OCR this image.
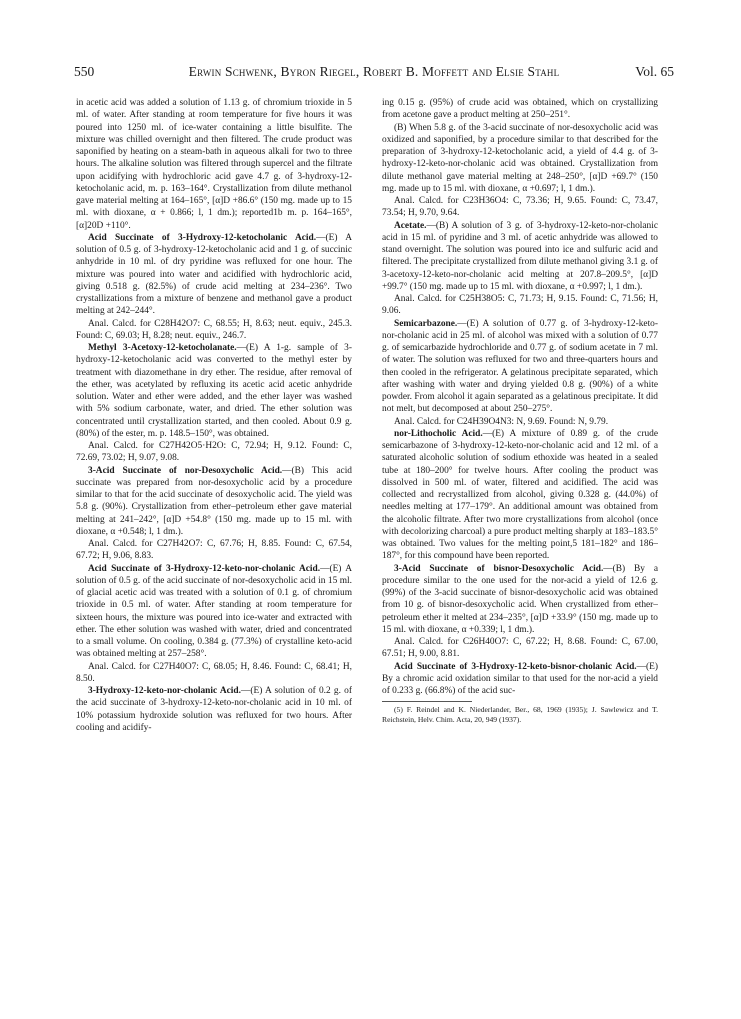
550	Erwin Schwenk, Byron Riegel, Robert B. Moffett and Elsie Stahl	Vol. 65

in acetic acid was added a solution of 1.13 g. of chromium trioxide in 5 ml. of water. After standing at room temperature for five hours it was poured into 1250 ml. of ice-water containing a little bisulfite. The mixture was chilled overnight and then filtered. The crude product was saponified by heating on a steam-bath in aqueous alkali for two to three hours. The alkaline solution was filtered through supercel and the filtrate upon acidifying with hydrochloric acid gave 4.7 g. of 3-hydroxy-12-ketocholanic acid, m. p. 163–164°. Crystallization from dilute methanol gave material melting at 164–165°, [α]D +86.6° (150 mg. made up to 15 ml. with dioxane, α + 0.866; l, 1 dm.); reported1b m. p. 164–165°, [α]20D +110°.

Acid Succinate of 3-Hydroxy-12-ketocholanic Acid.—(E) A solution of 0.5 g. of 3-hydroxy-12-ketocholanic acid and 1 g. of succinic anhydride in 10 ml. of dry pyridine was refluxed for one hour. The mixture was poured into water and acidified with hydrochloric acid, giving 0.518 g. (82.5%) of crude acid melting at 234–236°. Two crystallizations from a mixture of benzene and methanol gave a product melting at 242–244°.

Anal. Calcd. for C28H42O7: C, 68.55; H, 8.63; neut. equiv., 245.3. Found: C, 69.03; H, 8.28; neut. equiv., 246.7.

Methyl 3-Acetoxy-12-ketocholanate.—(E) A 1-g. sample of 3-hydroxy-12-ketocholanic acid was converted to the methyl ester by treatment with diazomethane in dry ether. The residue, after removal of the ether, was acetylated by refluxing its acetic acid acetic anhydride solution. Water and ether were added, and the ether layer was washed with 5% sodium carbonate, water, and dried. The ether solution was concentrated until crystallization started, and then cooled. About 0.9 g. (80%) of the ester, m. p. 148.5–150°, was obtained.

Anal. Calcd. for C27H42O5·H2O: C, 72.94; H, 9.12. Found: C, 72.69, 73.02; H, 9.07, 9.08.

3-Acid Succinate of nor-Desoxycholic Acid.—(B) This acid succinate was prepared from nor-desoxycholic acid by a procedure similar to that for the acid succinate of desoxycholic acid. The yield was 5.8 g. (90%). Crystallization from ether–petroleum ether gave material melting at 241–242°, [α]D +54.8° (150 mg. made up to 15 ml. with dioxane, α +0.548; l, 1 dm.).

Anal. Calcd. for C27H42O7: C, 67.76; H, 8.85. Found: C, 67.54, 67.72; H, 9.06, 8.83.

Acid Succinate of 3-Hydroxy-12-keto-nor-cholanic Acid.—(E) A solution of 0.5 g. of the acid succinate of nor-desoxycholic acid in 15 ml. of glacial acetic acid was treated with a solution of 0.1 g. of chromium trioxide in 0.5 ml. of water. After standing at room temperature for sixteen hours, the mixture was poured into ice-water and extracted with ether. The ether solution was washed with water, dried and concentrated to a small volume. On cooling, 0.384 g. (77.3%) of crystalline keto-acid was obtained melting at 257–258°.

Anal. Calcd. for C27H40O7: C, 68.05; H, 8.46. Found: C, 68.41; H, 8.50.

3-Hydroxy-12-keto-nor-cholanic Acid.—(E) A solution of 0.2 g. of the acid succinate of 3-hydroxy-12-keto-nor-cholanic acid in 10 ml. of 10% potassium hydroxide solution was refluxed for two hours. After cooling and acidify-

ing 0.15 g. (95%) of crude acid was obtained, which on crystallizing from acetone gave a product melting at 250–251°.

(B) When 5.8 g. of the 3-acid succinate of nor-desoxycholic acid was oxidized and saponified, by a procedure similar to that described for the preparation of 3-hydroxy-12-ketocholanic acid, a yield of 4.4 g. of 3-hydroxy-12-keto-nor-cholanic acid was obtained. Crystallization from dilute methanol gave material melting at 248–250°, [α]D +69.7° (150 mg. made up to 15 ml. with dioxane, α +0.697; l, 1 dm.).

Anal. Calcd. for C23H36O4: C, 73.36; H, 9.65. Found: C, 73.47, 73.54; H, 9.70, 9.64.

Acetate.—(B) A solution of 3 g. of 3-hydroxy-12-keto-nor-cholanic acid in 15 ml. of pyridine and 3 ml. of acetic anhydride was allowed to stand overnight. The solution was poured into ice and sulfuric acid and filtered. The precipitate crystallized from dilute methanol giving 3.1 g. of 3-acetoxy-12-keto-nor-cholanic acid melting at 207.8–209.5°, [α]D +99.7° (150 mg. made up to 15 ml. with dioxane, α +0.997; l, 1 dm.).

Anal. Calcd. for C25H38O5: C, 71.73; H, 9.15. Found: C, 71.56; H, 9.06.

Semicarbazone.—(E) A solution of 0.77 g. of 3-hydroxy-12-keto-nor-cholanic acid in 25 ml. of alcohol was mixed with a solution of 0.77 g. of semicarbazide hydrochloride and 0.77 g. of sodium acetate in 7 ml. of water. The solution was refluxed for two and three-quarters hours and then cooled in the refrigerator. A gelatinous precipitate separated, which after washing with water and drying yielded 0.8 g. (90%) of a white powder. From alcohol it again separated as a gelatinous precipitate. It did not melt, but decomposed at about 250–275°.

Anal. Calcd. for C24H39O4N3: N, 9.69. Found: N, 9.79.

nor-Lithocholic Acid.—(E) A mixture of 0.89 g. of the crude semicarbazone of 3-hydroxy-12-keto-nor-cholanic acid and 12 ml. of a saturated alcoholic solution of sodium ethoxide was heated in a sealed tube at 180–200° for twelve hours. After cooling the product was dissolved in 500 ml. of water, filtered and acidified. The acid was collected and recrystallized from alcohol, giving 0.328 g. (44.0%) of needles melting at 177–179°. An additional amount was obtained from the alcoholic filtrate. After two more crystallizations from alcohol (once with decolorizing charcoal) a pure product melting sharply at 183–183.5° was obtained. Two values for the melting point,5 181–182° and 186–187°, for this compound have been reported.

3-Acid Succinate of bisnor-Desoxycholic Acid.—(B) By a procedure similar to the one used for the nor-acid a yield of 12.6 g. (99%) of the 3-acid succinate of bisnor-desoxycholic acid was obtained from 10 g. of bisnor-desoxycholic acid. When crystallized from ether–petroleum ether it melted at 234–235°, [α]D +33.9° (150 mg. made up to 15 ml. with dioxane, α +0.339; l, 1 dm.).

Anal. Calcd. for C26H40O7: C, 67.22; H, 8.68. Found: C, 67.00, 67.51; H, 9.00, 8.81.

Acid Succinate of 3-Hydroxy-12-keto-bisnor-cholanic Acid.—(E) By a chromic acid oxidation similar to that used for the nor-acid a yield of 0.233 g. (66.8%) of the acid suc-

(5) F. Reindel and K. Niederlander, Ber., 68, 1969 (1935); J. Sawlewicz and T. Reichstein, Helv. Chim. Acta, 20, 949 (1937).
